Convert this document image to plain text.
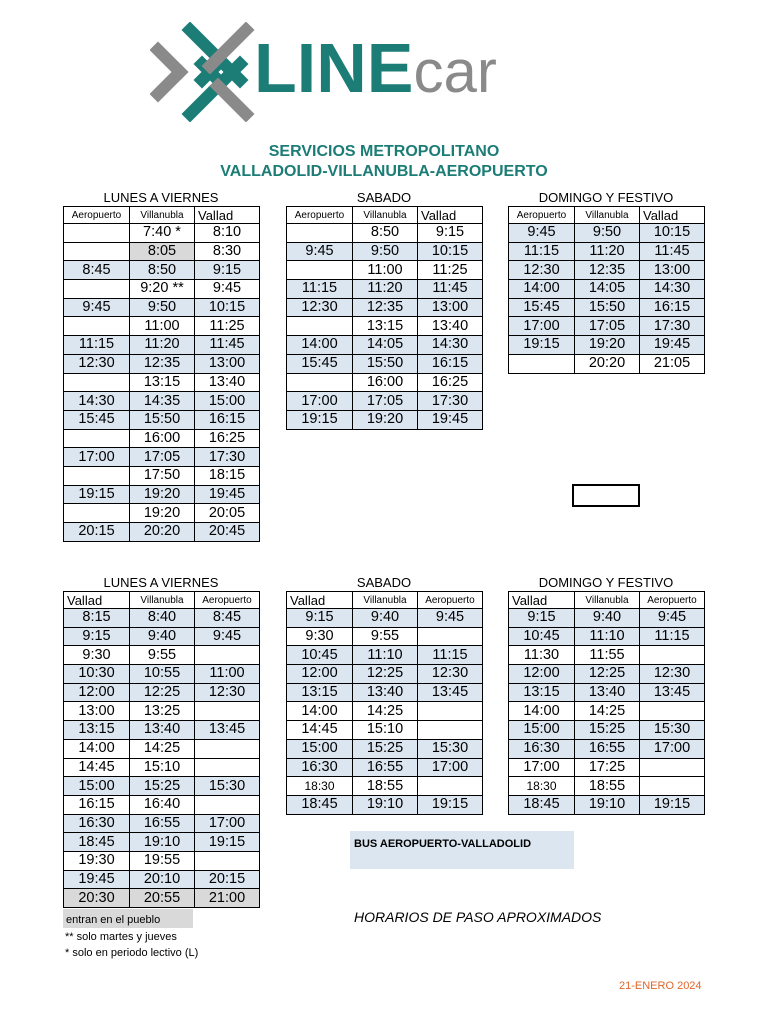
LINEcar
SERVICIOS METROPOLITANO
VALLADOLID-VILLANUBLA-AEROPUERTO
LUNES A VIERNES	SABADO	DOMINGO Y FESTIVO
LUNES A VIERNES	SABADO	DOMINGO Y FESTIVO
Aeropuerto	Villanubla	Vallad
	7:40 *	8:10
	8:05	8:30
8:45	8:50	9:15
	9:20 **	9:45
9:45	9:50	10:15
	11:00	11:25
11:15	11:20	11:45
12:30	12:35	13:00
	13:15	13:40
14:30	14:35	15:00
15:45	15:50	16:15
	16:00	16:25
17:00	17:05	17:30
	17:50	18:15
19:15	19:20	19:45
	19:20	20:05
20:15	20:20	20:45
Aeropuerto	Villanubla	Vallad
	8:50	9:15
9:45	9:50	10:15
	11:00	11:25
11:15	11:20	11:45
12:30	12:35	13:00
	13:15	13:40
14:00	14:05	14:30
15:45	15:50	16:15
	16:00	16:25
17:00	17:05	17:30
19:15	19:20	19:45
Aeropuerto	Villanubla	Vallad
9:45	9:50	10:15
11:15	11:20	11:45
12:30	12:35	13:00
14:00	14:05	14:30
15:45	15:50	16:15
17:00	17:05	17:30
19:15	19:20	19:45
	20:20	21:05
Vallad	Villanubla	Aeropuerto
8:15	8:40	8:45
9:15	9:40	9:45
9:30	9:55	
10:30	10:55	11:00
12:00	12:25	12:30
13:00	13:25	
13:15	13:40	13:45
14:00	14:25	
14:45	15:10	
15:00	15:25	15:30
16:15	16:40	
16:30	16:55	17:00
18:45	19:10	19:15
19:30	19:55	
19:45	20:10	20:15
20:30	20:55	21:00
Vallad	Villanubla	Aeropuerto
9:15	9:40	9:45
9:30	9:55	
10:45	11:10	11:15
12:00	12:25	12:30
13:15	13:40	13:45
14:00	14:25	
14:45	15:10	
15:00	15:25	15:30
16:30	16:55	17:00
18:30	18:55	
18:45	19:10	19:15
Vallad	Villanubla	Aeropuerto
9:15	9:40	9:45
10:45	11:10	11:15
11:30	11:55	
12:00	12:25	12:30
13:15	13:40	13:45
14:00	14:25	
15:00	15:25	15:30
16:30	16:55	17:00
17:00	17:25	
18:30	18:55	
18:45	19:10	19:15
BUS AEROPUERTO-VALLADOLID
entran en el pueblo
** solo martes y jueves
* solo en periodo lectivo (L)
HORARIOS DE PASO APROXIMADOS
21-ENERO 2024
